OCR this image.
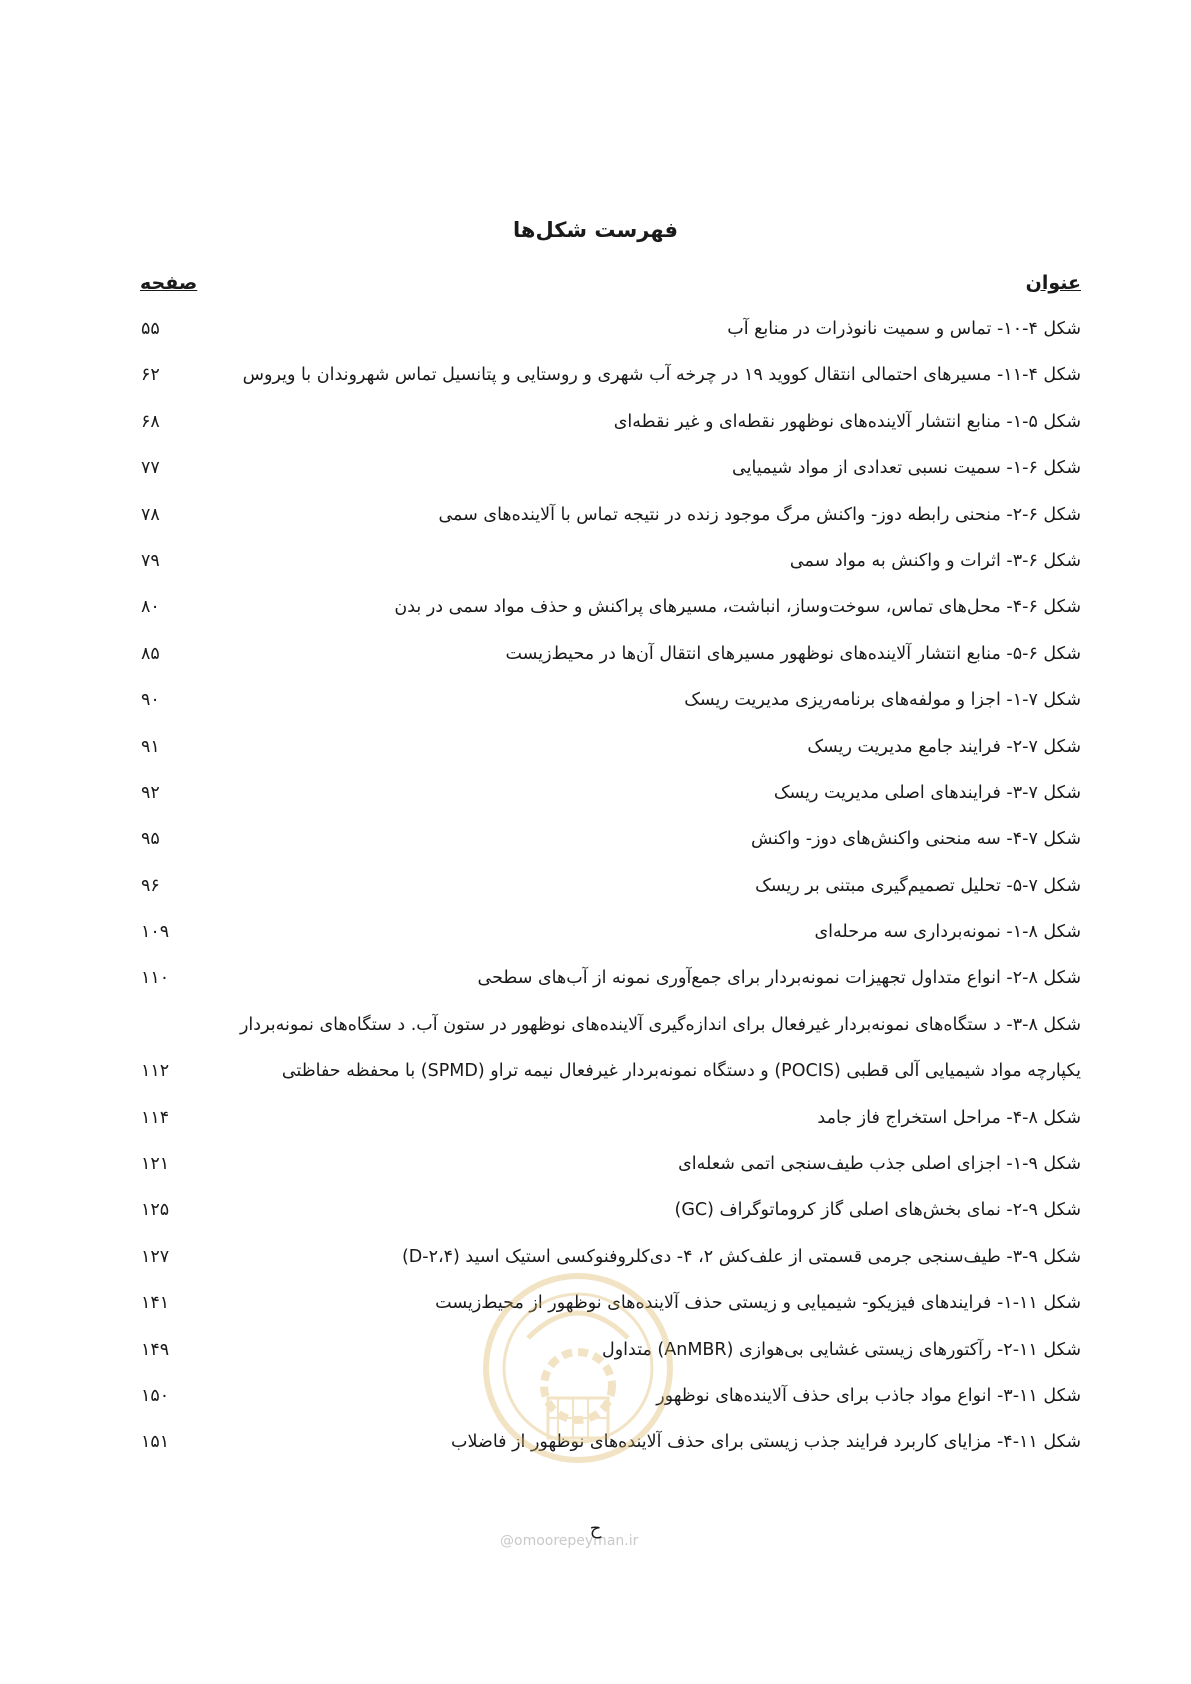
فهرست شکل‌ها
عنوان
صفحه
شکل ۴-۱۰- تماس و سمیت نانوذرات در منابع آب
۵۵
شکل ۴-۱۱- مسیرهای احتمالی انتقال کووید ۱۹ در چرخه آب شهری و روستایی و پتانسیل تماس شهروندان با ویروس
۶۲
شکل ۵-۱- منابع انتشار آلاینده‌های نوظهور نقطه‌ای و غیر نقطه‌ای
۶۸
شکل ۶-۱- سمیت نسبی تعدادی از مواد شیمیایی
۷۷
شکل ۶-۲- منحنی رابطه دوز- واکنش مرگ موجود زنده در نتیجه تماس با آلاینده‌های سمی
۷۸
شکل ۶-۳- اثرات و واکنش به مواد سمی
۷۹
شکل ۶-۴- محل‌های تماس، سوخت‌وساز، انباشت، مسیرهای پراکنش و حذف مواد سمی در بدن
۸۰
شکل ۶-۵- منابع انتشار آلاینده‌های نوظهور مسیرهای انتقال آن‌ها در محیط‌زیست
۸۵
شکل ۷-۱- اجزا و مولفه‌های برنامه‌ریزی مدیریت ریسک
۹۰
شکل ۷-۲- فرایند جامع مدیریت ریسک
۹۱
شکل ۷-۳- فرایندهای اصلی مدیریت ریسک
۹۲
شکل ۷-۴- سه منحنی واکنش‌های دوز- واکنش
۹۵
شکل ۷-۵- تحلیل تصمیم‌گیری مبتنی بر ریسک
۹۶
شکل ۸-۱- نمونه‌برداری سه مرحله‌ای
۱۰۹
شکل ۸-۲- انواع متداول تجهیزات نمونه‌بردار برای جمع‌آوری نمونه از آب‌های سطحی
۱۱۰
شکل ۸-۳- د ستگاه‌های نمونه‌بردار غیرفعال برای اندازه‌گیری آلاینده‌های نوظهور در ستون آب. د ستگاه‌های نمونه‌بردار
یکپارچه مواد شیمیایی آلی قطبی (POCIS) و دستگاه نمونه‌بردار غیرفعال نیمه تراو (SPMD) با محفظه حفاظتی
۱۱۲
شکل ۸-۴- مراحل استخراج فاز جامد
۱۱۴
شکل ۹-۱- اجزای اصلی جذب طیف‌سنجی اتمی شعله‌ای
۱۲۱
شکل ۹-۲- نمای بخش‌های اصلی گاز کروماتوگراف (GC)
۱۲۵
شکل ۹-۳- طیف‌سنجی جرمی قسمتی از علف‌کش ۲، ۴- دی‌کلروفنوکسی استیک اسید (۲،۴-D)
۱۲۷
شکل ۱۱-۱- فرایندهای فیزیکو- شیمیایی و زیستی حذف آلاینده‌های نوظهور از محیط‌زیست
۱۴۱
شکل ۱۱-۲- رآکتورهای زیستی غشایی بی‌هوازی (AnMBR) متداول
۱۴۹
شکل ۱۱-۳- انواع مواد جاذب برای حذف آلاینده‌های نوظهور
۱۵۰
شکل ۱۱-۴- مزایای کاربرد فرایند جذب زیستی برای حذف آلاینده‌های نوظهور از فاضلاب
۱۵۱
@omoorepeyman.ir
ح
